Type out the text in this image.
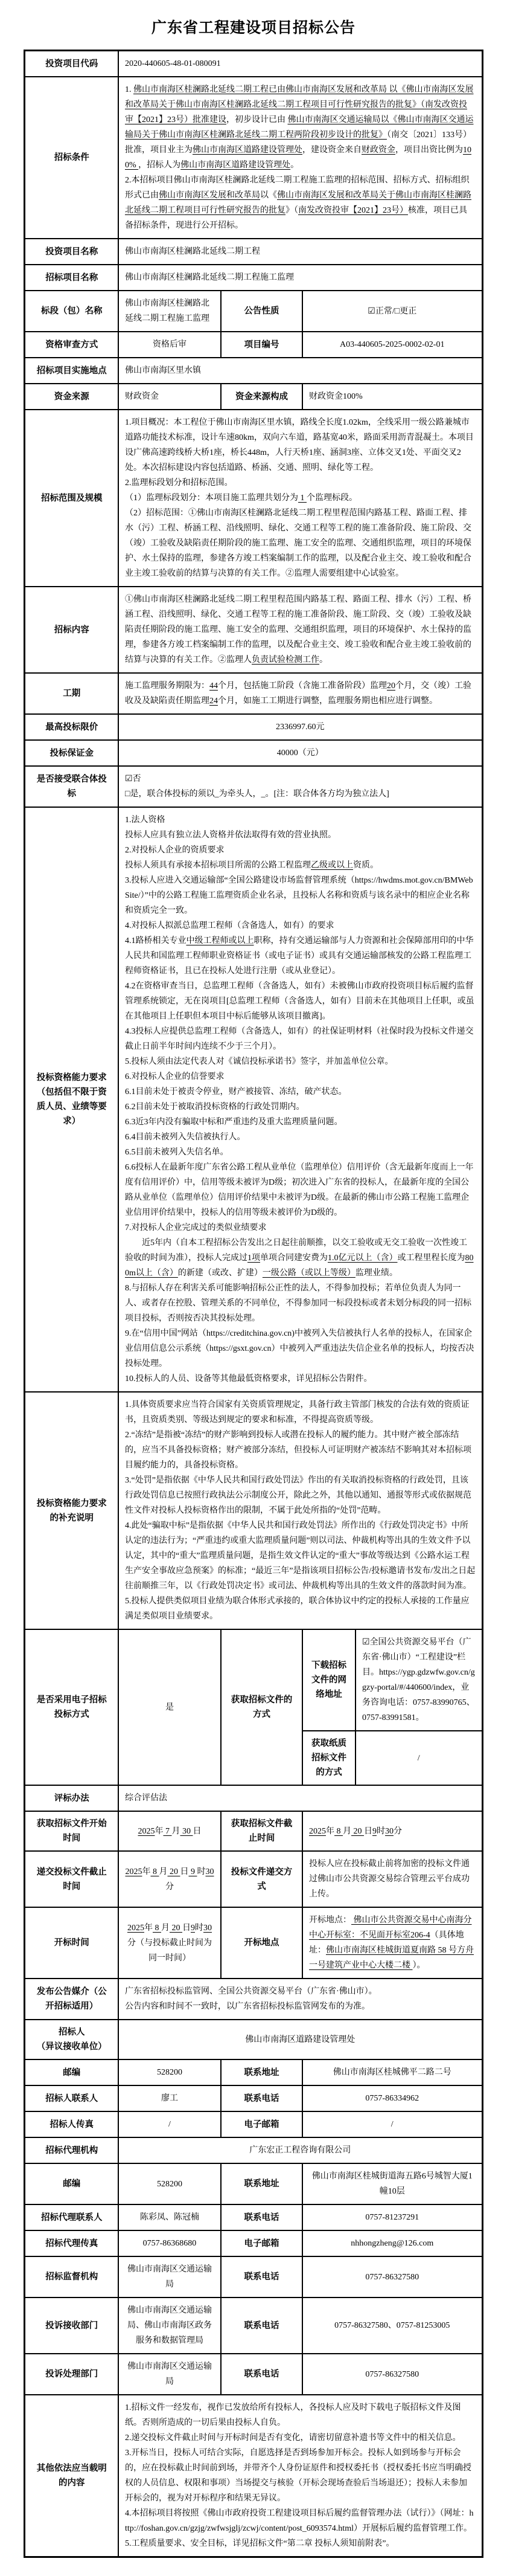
广东省工程建设项目招标公告
投资项目代码	2020-440605-48-01-080091			
招标条件	1. 佛山市南海区桂澜路北延线二期工程已由佛山市南海区发展和改革局 以《佛山市南海区发展和改革局关于佛山市南海区桂澜路北延线二期工程项目可行性研究报告的批复》（南发改资投审【2021】23号）批准建设，初步设计已由 佛山市南海区交通运输局以《佛山市南海区交通运输局关于佛山市南海区桂澜路北延线二期工程两阶段初步设计的批复》（南交〔2021〕133号）批准，项目业主为佛山市南海区道路建设管理处，建设资金来自财政资金，项目出资比例为100% ，招标人为佛山市南海区道路建设管理处。

2.本招标项目佛山市南海区桂澜路北延线二期工程施工监理的招标范围、招标方式、招标组织形式已由佛山市南海区发展和改革局以《佛山市南海区发展和改革局关于佛山市南海区桂澜路北延线二期工程项目可行性研究报告的批复》（南发改资投审【2021】23号）核准，项目已具备招标条件，现进行公开招标。			

投资项目名称	佛山市南海区桂澜路北延线二期工程			
招标项目名称	佛山市南海区桂澜路北延线二期工程施工监理			
标段（包）名称	佛山市南海区桂澜路北延线二期工程施工监理	公告性质	☑正常/□更正	
资格审查方式	资格后审	项目编号	A03-440605-2025-0002-02-01	
招标项目实施地点	佛山市南海区里水镇			
资金来源	财政资金	资金来源构成	财政资金100%	
招标范围及规模	1.项目概况：本工程位于佛山市南海区里水镇，路线全长度1.02km，全线采用一级公路兼城市道路功能技术标准，设计车速80km，双向六车道，路基宽40米，路面采用沥青混凝土。本项目设广佛高速跨线桥大桥1座，桥长448m，人行天桥1座、涵洞3座、立体交叉1处、平面交叉2处。本次招标建设内容包括道路、桥涵、交通、照明、绿化等工程。

2.监理标段划分和招标范围。

（1）监理标段划分：本项目施工监理共划分为 1 个监理标段。

（2）招标范围：①佛山市南海区桂澜路北延线二期工程里程范围内路基工程、路面工程、排水（污）工程、桥涵工程、沿线照明、绿化、交通工程等工程的施工准备阶段、施工阶段、交（竣）工验收及缺陷责任期阶段的施工监理、施工安全的监理、交通组织监理，项目的环境保护、水土保持的监理，参建各方竣工档案编制工作的监理，以及配合业主交、竣工验收和配合业主竣工验收前的结算与决算的有关工作。②监理人需要组建中心试验室。			

招标内容	①佛山市南海区桂澜路北延线二期工程里程范围内路基工程、路面工程、排水（污）工程、桥涵工程、沿线照明、绿化、交通工程等工程的施工准备阶段、施工阶段、交（竣）工验收及缺陷责任期阶段的施工监理、施工安全的监理、交通组织监理，项目的环境保护、水土保持的监理，参建各方竣工档案编制工作的监理，以及配合业主交、竣工验收和配合业主竣工验收前的结算与决算的有关工作。②监理人负责试验检测工作。			

工期	施工监理服务期限为：44个月，包括施工阶段（含施工准备阶段）监理20个月，交（竣）工验收及及缺陷责任期监理24个月，如施工工期进行调整，监理服务期也相应进行调整。			

最高投标限价	2336997.60元			
投标保证金	40000（元）			
是否接受联合体投标	☑否

□是，联合体投标的须以_为牵头人，_。[注：联合体各方均为独立法人]			

投标资格能力要求（包括但不限于资质人员、业绩等要求）	

1.法人资格

投标人应具有独立法人资格并依法取得有效的营业执照。

2.对投标人企业的资质要求

投标人须具有承接本招标项目所需的公路工程监理乙级或以上资质。

3.投标人应进入交通运输部“全国公路建设市场监督管理系统（https://hwdms.mot.gov.cn/BMWebSite/）”中的公路工程施工监理资质企业名录，且投标人名称和资质与该名录中的相应企业名称和资质完全一致。

4.对投标人拟派总监理工程师（含备选人，如有）的要求

4.1路桥相关专业中级工程师或以上职称，持有交通运输部与人力资源和社会保障部用印的中华人民共和国监理工程师职业资格证书（或电子证书）或具有交通运输部核发的公路工程监理工程师资格证书，且已在投标人处进行注册（或从业登记）。

4.2在资格审查当日，总监理工程师（含备选人，如有）未被佛山市政府投资项目标后履约监督管理系统锁定，无在岗项目[总监理工程师（含备选人，如有）目前未在其他项目上任职，或虽在其他项目上任职但本项目中标后能够从该项目撤离]。

4.3投标人应提供总监理工程师（含备选人，如有）的社保证明材料（社保时段为投标文件递交截止日前半年时间内连续不少于三个月）。

5.投标人须由法定代表人对《诚信投标承诺书》签字，并加盖单位公章。

6.对投标人企业的信誉要求

6.1目前未处于被责令停业，财产被接管、冻结，破产状态。

6.2目前未处于被取消投标资格的行政处罚期内。

6.3近3年内没有骗取中标和严重违约及重大监理质量问题。

6.4目前未被列入失信被执行人。

6.5目前未被列入失信名单。

6.6投标人在最新年度广东省公路工程从业单位（监理单位）信用评价（含无最新年度而上一年度有信用评价）中，信用等级未被评为D级；初次进入广东省的投标人，在最新年度的全国公路从业单位（监理单位）信用评价结果中未被评为D级。在最新的佛山市公路工程施工监理企业信用评价结果中，投标人的信用等级未被评价为D级的。

7.对投标人企业完成过的类似业绩要求

　　近5年内（自本工程招标公告发出之日起往前顺推，以交工验收或无交工验收一次性竣工验收的时间为准），投标人完成过1项单项合同建安费为1.0亿元以上（含）或工程里程长度为800m以上（含）的新建（或改、扩建）一级公路（或以上等级）监理业绩。

8.与招标人存在利害关系可能影响招标公正性的法人，不得参加投标；若单位负责人为同一人、或者存在控股、管理关系的不同单位，不得参加同一标段投标或者未划分标段的同一招标项目投标，否则按否决其投标处理。

9.在“信用中国”网站（https://creditchina.gov.cn)中被列入失信被执行人名单的投标人，在国家企业信用信息公示系统（https://gsxt.gov.cn）中被列入严重违法失信企业名单的投标人，均按否决投标处理。

10.投标人的人员、设备等其他最低资格要求，详见招标公告附件。

投标资格能力要求的补充说明	1.具体资质要求应当符合国家有关资质管理规定，具备行政主管部门核发的合法有效的资质证书，且资质类别、等级达到规定的要求和标准，不得提高资质等级。

2.“冻结”是指被“冻结”的财产影响到投标人或潜在投标人的履约能力。其中财产被全部冻结的，应当不具备投标资格；财产被部分冻结，但投标人可证明财产被冻结不影响其对本招标项目履约能力的，具备投标资格。

3.“处罚”是指依据《中华人民共和国行政处罚法》作出的有关取消投标资格的行政处罚，且该行政处罚信息已按照行政执法公示制度公开，除此之外，其他以通知、通报等形式或依据规范性文件对投标人投标资格作出的限制，不属于此处所指的“处罚”范畴。

4.此处“骗取中标”是指依据《中华人民共和国行政处罚法》所作出的《行政处罚决定书》中所认定的违法行为；“严重违约或重大监理质量问题”则以司法、仲裁机构等出具的生效文件予以认定，其中的“重大”监理质量问题，是指生效文件认定的“重大”事故等级达到《公路水运工程生产安全事故应急预案》的标准；“最近三年”是指该项目招标公告/投标邀请书发布/发出之日起往前顺推三年，以《行政处罚决定书》或司法、仲裁机构等出具的生效文件的落款时间为准。

5.投标人提供类似项目业绩为联合体形式承接的，联合体协议中约定的投标人承接的工作量应满足类似项目业绩要求。			

是否采用电子招标投标方式	是	获取招标文件的方式	下载招标文件的网络地址	☑全国公共资源交易平台（广东省·佛山市）“工程建设”栏目。https://ygp.gdzwfw.gov.cn/ggzy-portal/#/440600/index，业务咨询电话：0757-83990765、0757-83991581。
			获取纸质招标文件的方式	/
评标办法	综合评估法			
获取招标文件开始时间	2025年 7 月 30 日	获取招标文件截止时间	2025年 8 月 20 日9时30分	
递交投标文件截止时间	2025年 8 月 20 日 9 时30分	投标文件递交方式	投标人应在投标截止前将加密的投标文件通过佛山市公共资源交易综合管理云平台成功上传。	
开标时间	2025年 8 月 20 日9时30分（与投标截止时间为同一时间）	开标地点	开标地点： 佛山市公共资源交易中心南海分中心开标室：不见面开标室206-4（具体地址：佛山市南海区桂城街道夏南路 58 号方舟一号建筑产业中心大楼二楼 ）。	
发布公告媒介（公开招标适用）	广东省招标投标监管网、全国公共资源交易平台（广东省·佛山市）。

公告内容和时间不一致时，以广东省招标投标监管网发布的为准。			

招标人
（异议接收单位）	佛山市南海区道路建设管理处			
邮编	528200	联系地址	佛山市南海区桂城佛平二路二号	
招标人联系人	廖工	联系电话	0757-86334962	
招标人传真	/	电子邮箱	/	
招标代理机构	广东宏正工程咨询有限公司			
邮编	528200	联系地址	佛山市南海区桂城街道海五路6号城智大厦1幢10层	
招标代理联系人	陈彩凤、陈冠楠	联系电话	0757-81237291	
招标代理传真	0757-86368680	电子邮箱	nhhongzheng@126.com	
招标监督机构	佛山市南海区交通运输局	联系电话	0757-86327580	
投诉接收部门	佛山市南海区交通运输局、佛山市南海区政务服务和数据管理局	联系电话	0757-86327580、0757-81253005	
投诉处理部门	佛山市南海区交通运输局	联系电话	0757-86327580	
其他依法应当载明的内容	1.招标文件一经发布，视作已发放给所有投标人，各投标人应及时下载电子版招标文件及图纸。否则所造成的一切后果由投标人自负。

2.递交投标文件截止时间与开标时间是否有变化，请密切留意补遗书等文件中的相关信息。

3.开标当日，投标人可结合实际，自愿选择是否到场参加开标会。投标人如到场参与开标会的，应在投标截止时间前到场，并带齐个人身份证原件和授权委托书（授权委托书应当明确授权的人员信息、权限和事项）当场提交与核验（开标会现场查验后当场退还）；投标人未参加开标会的，视为对开标程序和结果无异议。

4.本招标项目将按照《佛山市政府投资工程建设项目标后履约监督管理办法（试行）》（网址：http://foshan.gov.cn/gzjg/zwfwsjglj/zcwj/content/post_6093574.html）开展标后履约监督管理工作。

5.工程质量要求、安全目标，详见招标文件“第二章 投标人须知前附表”。			
